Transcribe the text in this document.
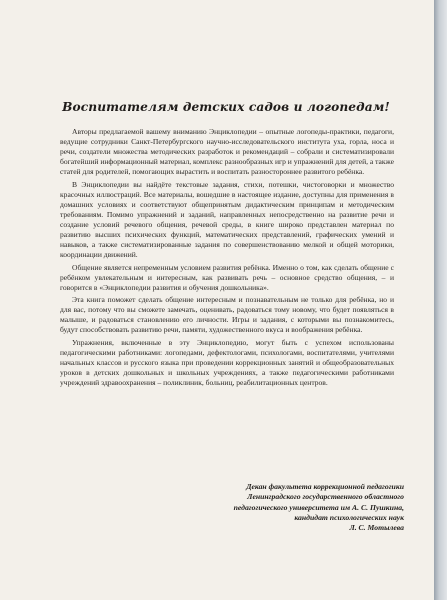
Воспитателям детских садов и логопедам!

Авторы предлагаемой вашему вниманию Энциклопедии – опытные логопеды-практики, педагоги, ведущие сотрудники Санкт-Петербургского научно-исследовательского института уха, горла, носа и речи, создатели множества методических разработок и рекомендаций – собрали и систематизировали богатейший информационный материал, комплекс разнообразных игр и упражнений для детей, а также статей для родителей, помогающих вырастить и воспитать разностороннее развитого ребёнка.

В Энциклопедии вы найдёте текстовые задания, стихи, потешки, чистоговорки и множество красочных иллюстраций. Все материалы, вошедшие в настоящее издание, доступны для применения в домашних условиях и соответствуют общепринятым дидактическим принципам и методическим требованиям. Помимо упражнений и заданий, направленных непосредственно на развитие речи и создание условий речевого общения, речевой среды, в книге широко представлен материал по развитию высших психических функций, математических представлений, графических умений и навыков, а также систематизированные задания по совершенствованию мелкой и общей моторики, координации движений.

Общение является непременным условием развития ребёнка. Именно о том, как сделать общение с ребёнком увлекательным и интересным, как развивать речь – основное средство общения, – и говорится в «Энциклопедии развития и обучения дошкольника».

Эта книга поможет сделать общение интересным и познавательным не только для ребёнка, но и для вас, потому что вы сможете замечать, оценивать, радоваться тому новому, что будет появляться в малыше, и радоваться становлению его личности. Игры и задания, с которыми вы познакомитесь, будут способствовать развитию речи, памяти, художественного вкуса и воображения ребёнка.

Упражнения, включенные в эту Энциклопедию, могут быть с успехом использованы педагогическими работниками: логопедами, дефектологами, психологами, воспитателями, учителями начальных классов и русского языка при проведении коррекционных занятий и общеобразовательных уроков в детских дошкольных и школьных учреждениях, а также педагогическими работниками учреждений здравоохранения – поликлиник, больниц, реабилитационных центров.

Декан факультета коррекционной педагогики
Ленинградского государственного областного
педагогического университета им А. С. Пушкина,
кандидат психологических наук
Л. С. Мотылева
